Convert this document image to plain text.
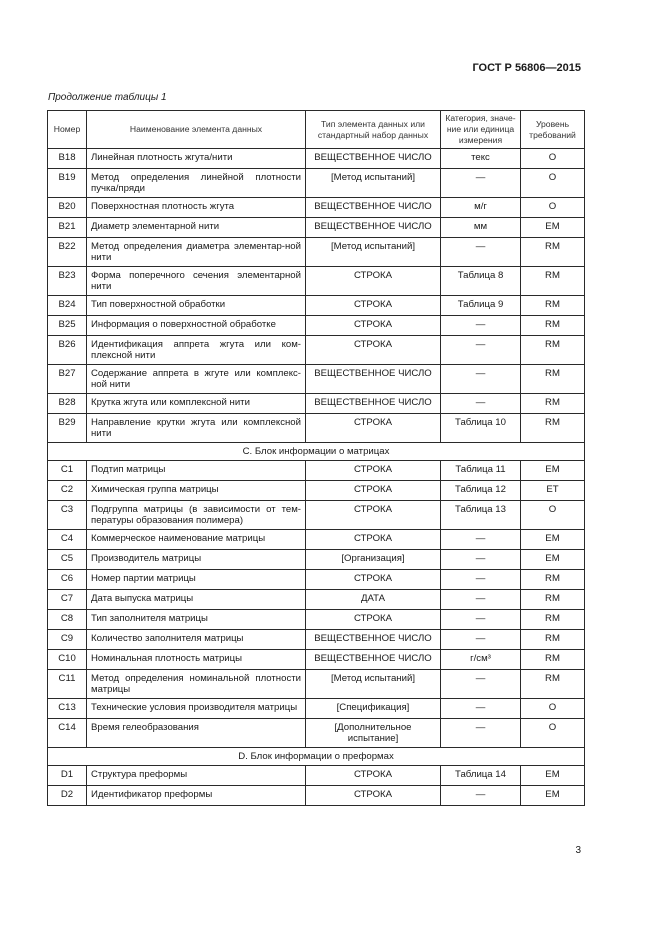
ГОСТ Р 56806—2015
Продолжение таблицы 1
Номер	Наименование элемента данных	Тип элемента данных или стандартный набор данных	Категория, значе-ние или единица измерения	Уровень требований
B18	Линейная плотность жгута/нити	ВЕЩЕСТВЕННОЕ ЧИСЛО	текс	O
B19	Метод определения линейной плотности пучка/пряди	[Метод испытаний]	—	O
B20	Поверхностная плотность жгута	ВЕЩЕСТВЕННОЕ ЧИСЛО	м/г	O
B21	Диаметр элементарной нити	ВЕЩЕСТВЕННОЕ ЧИСЛО	мм	EM
B22	Метод определения диаметра элементар-ной нити	[Метод испытаний]	—	RM
B23	Форма поперечного сечения элементарной нити	СТРОКА	Таблица 8	RM
B24	Тип поверхностной обработки	СТРОКА	Таблица 9	RM
B25	Информация о поверхностной обработке	СТРОКА	—	RM
B26	Идентификация аппрета жгута или ком-плексной нити	СТРОКА	—	RM
B27	Содержание аппрета в жгуте или комплекс-ной нити	ВЕЩЕСТВЕННОЕ ЧИСЛО	—	RM
B28	Крутка жгута или комплексной нити	ВЕЩЕСТВЕННОЕ ЧИСЛО	—	RM
B29	Направление крутки жгута или комплексной нити	СТРОКА	Таблица 10	RM
C. Блок информации о матрицах				
C1	Подтип матрицы	СТРОКА	Таблица 11	EM
C2	Химическая группа матрицы	СТРОКА	Таблица 12	ET
C3	Подгруппа матрицы (в зависимости от тем-пературы образования полимера)	СТРОКА	Таблица 13	O
C4	Коммерческое наименование матрицы	СТРОКА	—	EM
C5	Производитель матрицы	[Организация]	—	EM
C6	Номер партии матрицы	СТРОКА	—	RM
C7	Дата выпуска матрицы	ДАТА	—	RM
C8	Тип заполнителя матрицы	СТРОКА	—	RM
C9	Количество заполнителя матрицы	ВЕЩЕСТВЕННОЕ ЧИСЛО	—	RM
C10	Номинальная плотность матрицы	ВЕЩЕСТВЕННОЕ ЧИСЛО	г/см³	RM
C11	Метод определения номинальной плотности матрицы	[Метод испытаний]	—	RM
C13	Технические условия производителя матрицы	[Спецификация]	—	O
C14	Время гелеобразования	[Дополнительное испытание]	—	O
D. Блок информации о преформах				
D1	Структура преформы	СТРОКА	Таблица 14	EM
D2	Идентификатор преформы	СТРОКА	—	EM
3
